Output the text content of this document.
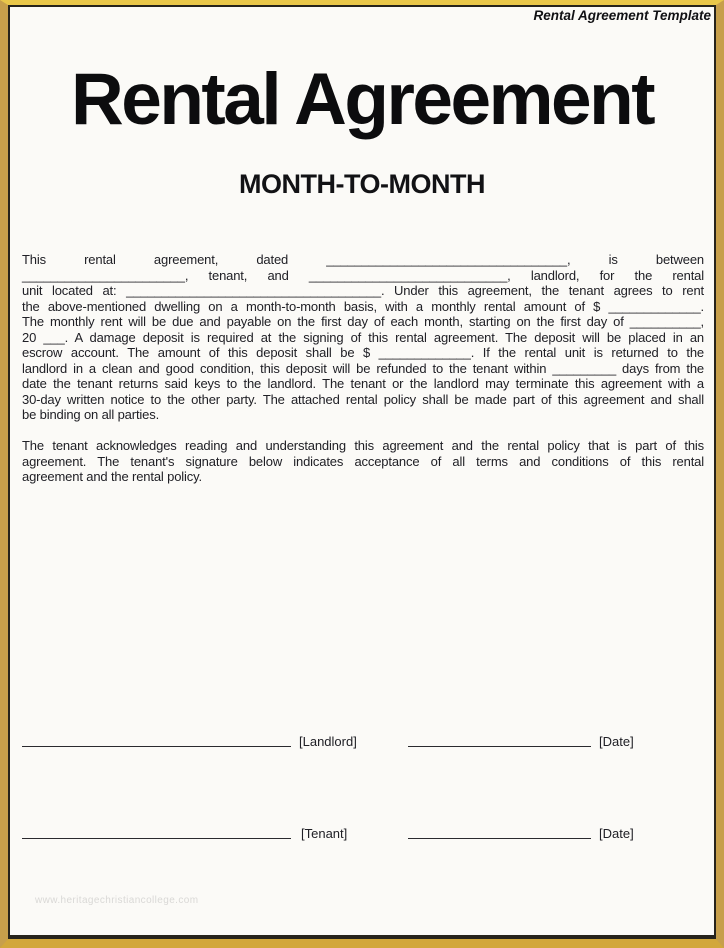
Rental Agreement Template
Rental Agreement
MONTH-TO-MONTH
This rental agreement, dated __________________________________, is between
_______________________, tenant, and ____________________________, landlord, for the rental
unit located at: ____________________________________. Under this agreement, the tenant agrees to rent
the above-mentioned dwelling on a month-to-month basis, with a monthly rental amount of $ _____________.
The monthly rent will be due and payable on the first day of each month, starting on the first day of __________,
20 ___. A damage deposit is required at the signing of this rental agreement. The deposit will be placed in an
escrow account. The amount of this deposit shall be $ _____________. If the rental unit is returned to the
landlord in a clean and good condition, this deposit will be refunded to the tenant within _________ days from the
date the tenant returns said keys to the landlord. The tenant or the landlord may terminate this agreement with a
30-day written notice to the other party. The attached rental policy shall be made part of this agreement and shall
be binding on all parties.
The tenant acknowledges reading and understanding this agreement and the rental policy that is part of this
agreement. The tenant's signature below indicates acceptance of all terms and conditions of this rental
agreement and the rental policy.
[Landlord]	[Date]
[Tenant]	[Date]
www.heritagechristiancollege.com
